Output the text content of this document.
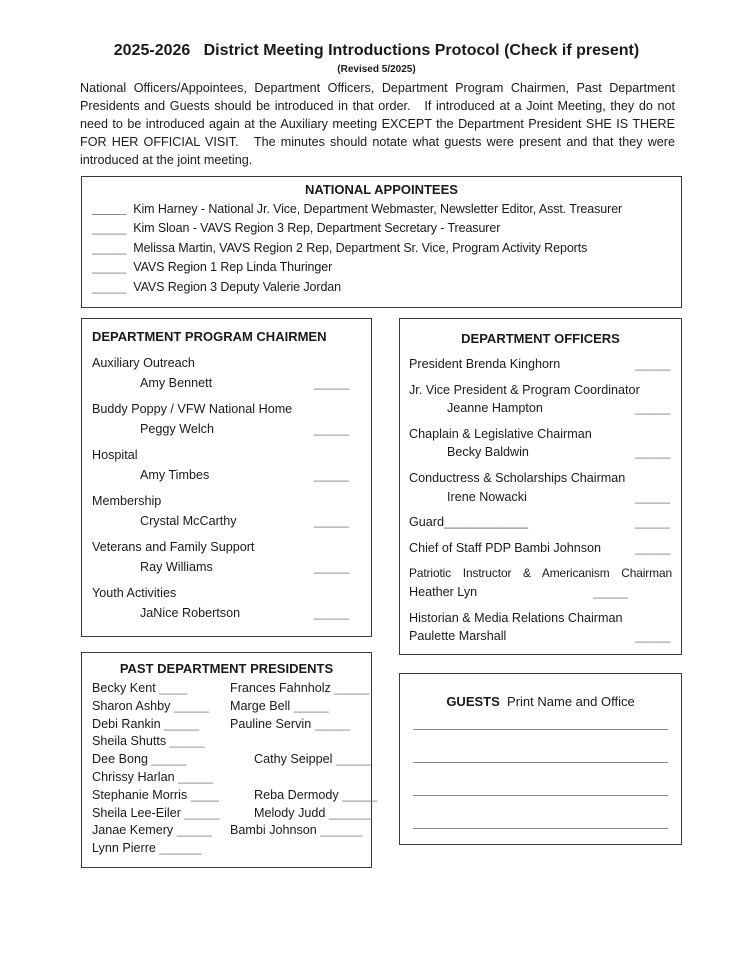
2025-2026   District Meeting Introductions Protocol (Check if present)
(Revised 5/2025)
National Officers/Appointees, Department Officers, Department Program Chairmen, Past Department Presidents and Guests should be introduced in that order.   If introduced at a Joint Meeting, they do not need to be introduced again at the Auxiliary meeting EXCEPT the Department President SHE IS THERE FOR HER OFFICIAL VISIT.   The minutes should notate what guests were present and that they were introduced at the joint meeting.
NATIONAL APPOINTEES
_____ Kim Harney - National Jr. Vice, Department Webmaster, Newsletter Editor, Asst. Treasurer
_____ Kim Sloan - VAVS Region 3 Rep, Department Secretary - Treasurer
_____ Melissa Martin, VAVS Region 2 Rep, Department Sr. Vice, Program Activity Reports
_____ VAVS Region 1 Rep Linda Thuringer
_____ VAVS Region 3 Deputy Valerie Jordan
DEPARTMENT PROGRAM CHAIRMEN
Auxiliary Outreach
Amy Bennett	_____
Buddy Poppy / VFW National Home
Peggy Welch	_____
Hospital
Amy Timbes	_____
Membership
Crystal McCarthy	_____
Veterans and Family Support
Ray Williams	_____
Youth Activities
JaNice Robertson	_____
DEPARTMENT OFFICERS
President Brenda Kinghorn	_____
Jr. Vice President & Program Coordinator
Jeanne Hampton	_____
Chaplain & Legislative Chairman
Becky Baldwin	_____
Conductress & Scholarships Chairman
Irene Nowacki	_____
Guard ____________	_____
Chief of Staff PDP Bambi Johnson	_____
Patriotic Instructor & Americanism Chairman
Heather Lyn	_____
Historian & Media Relations Chairman
Paulette Marshall	_____
PAST DEPARTMENT PRESIDENTS
Becky Kent ____	Frances Fahnholz _____
Sharon Ashby _____	Marge Bell _____
Debi Rankin _____	Pauline Servin _____
Sheila Shutts _____
Dee Bong _____	Cathy Seippel _____
Chrissy Harlan _____
Stephanie Morris ____	Reba Dermody _____
Sheila Lee-Eiler _____	Melody Judd ______
Janae Kemery _____	Bambi Johnson ______
Lynn Pierre ______
GUESTS Print Name and Office
